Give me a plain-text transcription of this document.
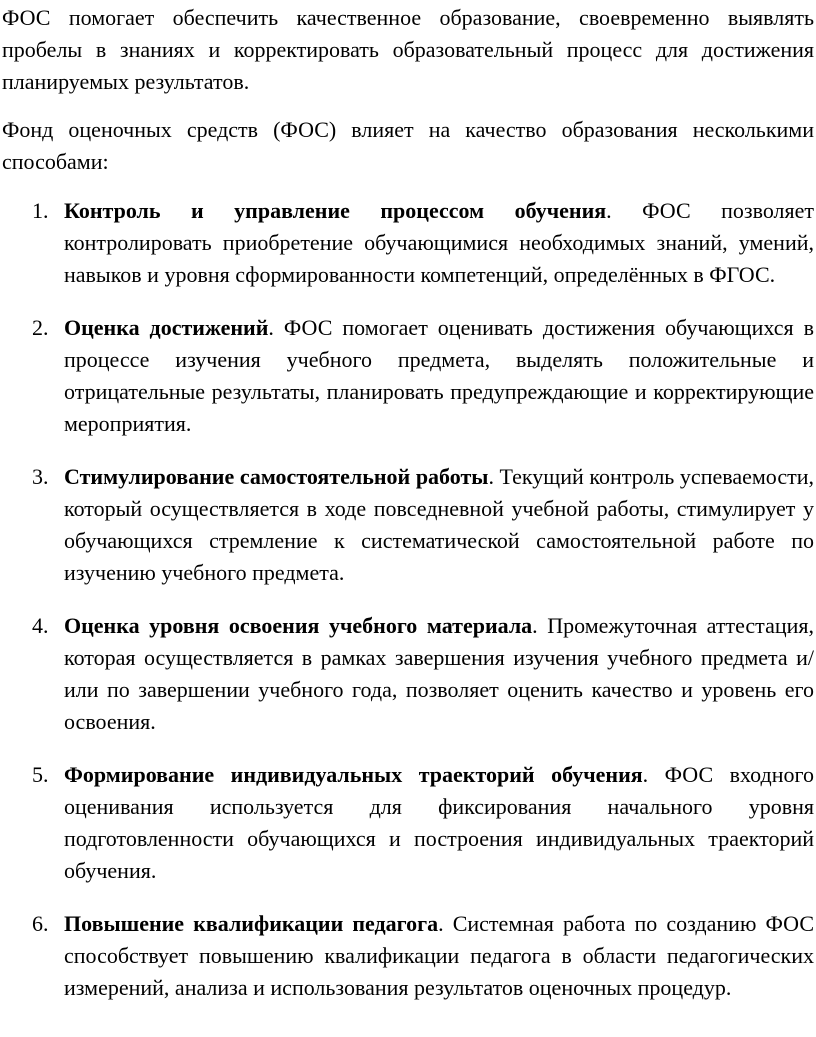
ФОС помогает обеспечить качественное образование, своевременно выявлять пробелы в знаниях и корректировать образовательный процесс для достижения планируемых результатов.

Фонд оценочных средств (ФОС) влияет на качество образования несколькими способами:

1. Контроль и управление процессом обучения. ФОС позволяет контролировать приобретение обучающимися необходимых знаний, умений, навыков и уровня сформированности компетенций, определённых в ФГОС.
2. Оценка достижений. ФОС помогает оценивать достижения обучающихся в процессе изучения учебного предмета, выделять положительные и отрицательные результаты, планировать предупреждающие и корректирующие мероприятия.
3. Стимулирование самостоятельной работы. Текущий контроль успеваемости, который осуществляется в ходе повседневной учебной работы, стимулирует у обучающихся стремление к систематической самостоятельной работе по изучению учебного предмета.
4. Оценка уровня освоения учебного материала. Промежуточная аттестация, которая осуществляется в рамках завершения изучения учебного предмета и/или по завершении учебного года, позволяет оценить качество и уровень его освоения.
5. Формирование индивидуальных траекторий обучения. ФОС входного оценивания используется для фиксирования начального уровня подготовленности обучающихся и построения индивидуальных траекторий обучения.
6. Повышение квалификации педагога. Системная работа по созданию ФОС способствует повышению квалификации педагога в области педагогических измерений, анализа и использования результатов оценочных процедур.
